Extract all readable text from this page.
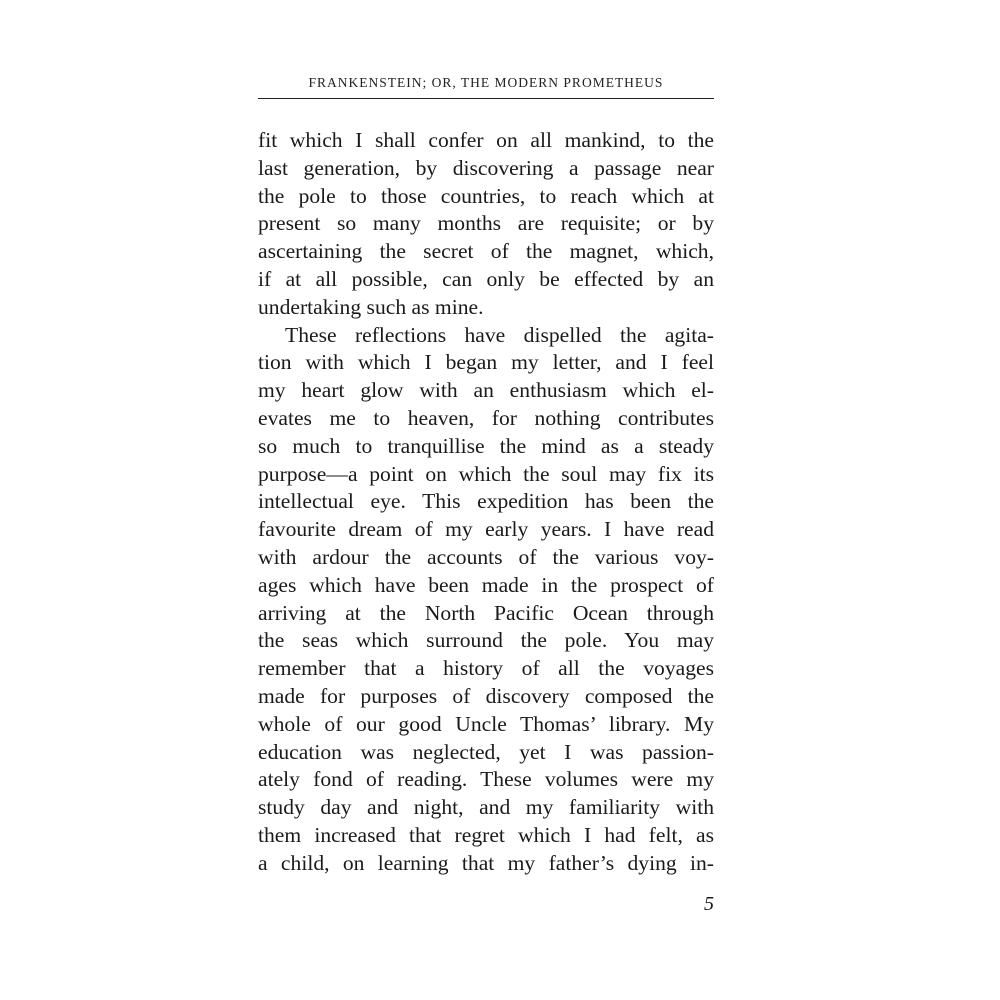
FRANKENSTEIN; OR, THE MODERN PROMETHEUS
fit which I shall confer on all mankind, to the
last generation, by discovering a passage near
the pole to those countries, to reach which at
present so many months are requisite; or by
ascertaining the secret of the magnet, which,
if at all possible, can only be effected by an
undertaking such as mine.
These reflections have dispelled the agita-
tion with which I began my letter, and I feel
my heart glow with an enthusiasm which el-
evates me to heaven, for nothing contributes
so much to tranquillise the mind as a steady
purpose—a point on which the soul may fix its
intellectual eye. This expedition has been the
favourite dream of my early years. I have read
with ardour the accounts of the various voy-
ages which have been made in the prospect of
arriving at the North Pacific Ocean through
the seas which surround the pole. You may
remember that a history of all the voyages
made for purposes of discovery composed the
whole of our good Uncle Thomas’ library. My
education was neglected, yet I was passion-
ately fond of reading. These volumes were my
study day and night, and my familiarity with
them increased that regret which I had felt, as
a child, on learning that my father’s dying in-
5
